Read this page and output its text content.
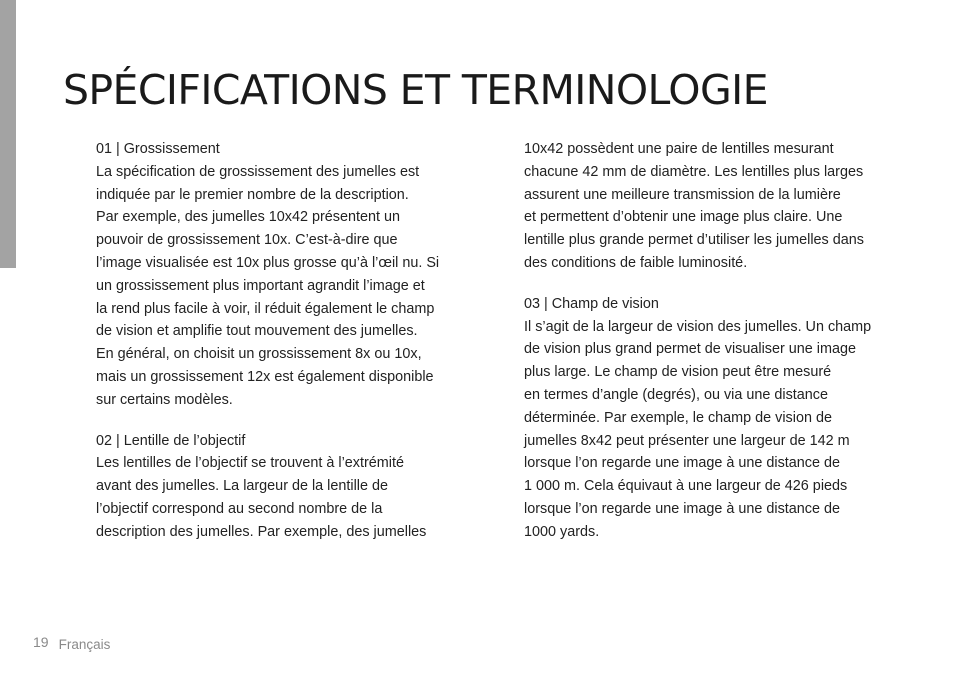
SPÉCIFICATIONS ET TERMINOLOGIE

01 | Grossissement
La spécification de grossissement des jumelles est
indiquée par le premier nombre de la description.
Par exemple, des jumelles 10x42 présentent un
pouvoir de grossissement 10x. C’est-à-dire que
l’image visualisée est 10x plus grosse qu’à l’œil nu. Si
un grossissement plus important agrandit l’image et
la rend plus facile à voir, il réduit également le champ
de vision et amplifie tout mouvement des jumelles.
En général, on choisit un grossissement 8x ou 10x,
mais un grossissement 12x est également disponible
sur certains modèles.

02 | Lentille de l’objectif
Les lentilles de l’objectif se trouvent à l’extrémité
avant des jumelles. La largeur de la lentille de
l’objectif correspond au second nombre de la
description des jumelles. Par exemple, des jumelles

10x42 possèdent une paire de lentilles mesurant
chacune 42 mm de diamètre. Les lentilles plus larges
assurent une meilleure transmission de la lumière
et permettent d’obtenir une image plus claire. Une
lentille plus grande permet d’utiliser les jumelles dans
des conditions de faible luminosité.

03 | Champ de vision
Il s’agit de la largeur de vision des jumelles. Un champ
de vision plus grand permet de visualiser une image
plus large. Le champ de vision peut être mesuré
en termes d’angle (degrés), ou via une distance
déterminée. Par exemple, le champ de vision de
jumelles 8x42 peut présenter une largeur de 142 m
lorsque l’on regarde une image à une distance de
1 000 m. Cela équivaut à une largeur de 426 pieds
lorsque l’on regarde une image à une distance de
1000 yards.

19 Français
